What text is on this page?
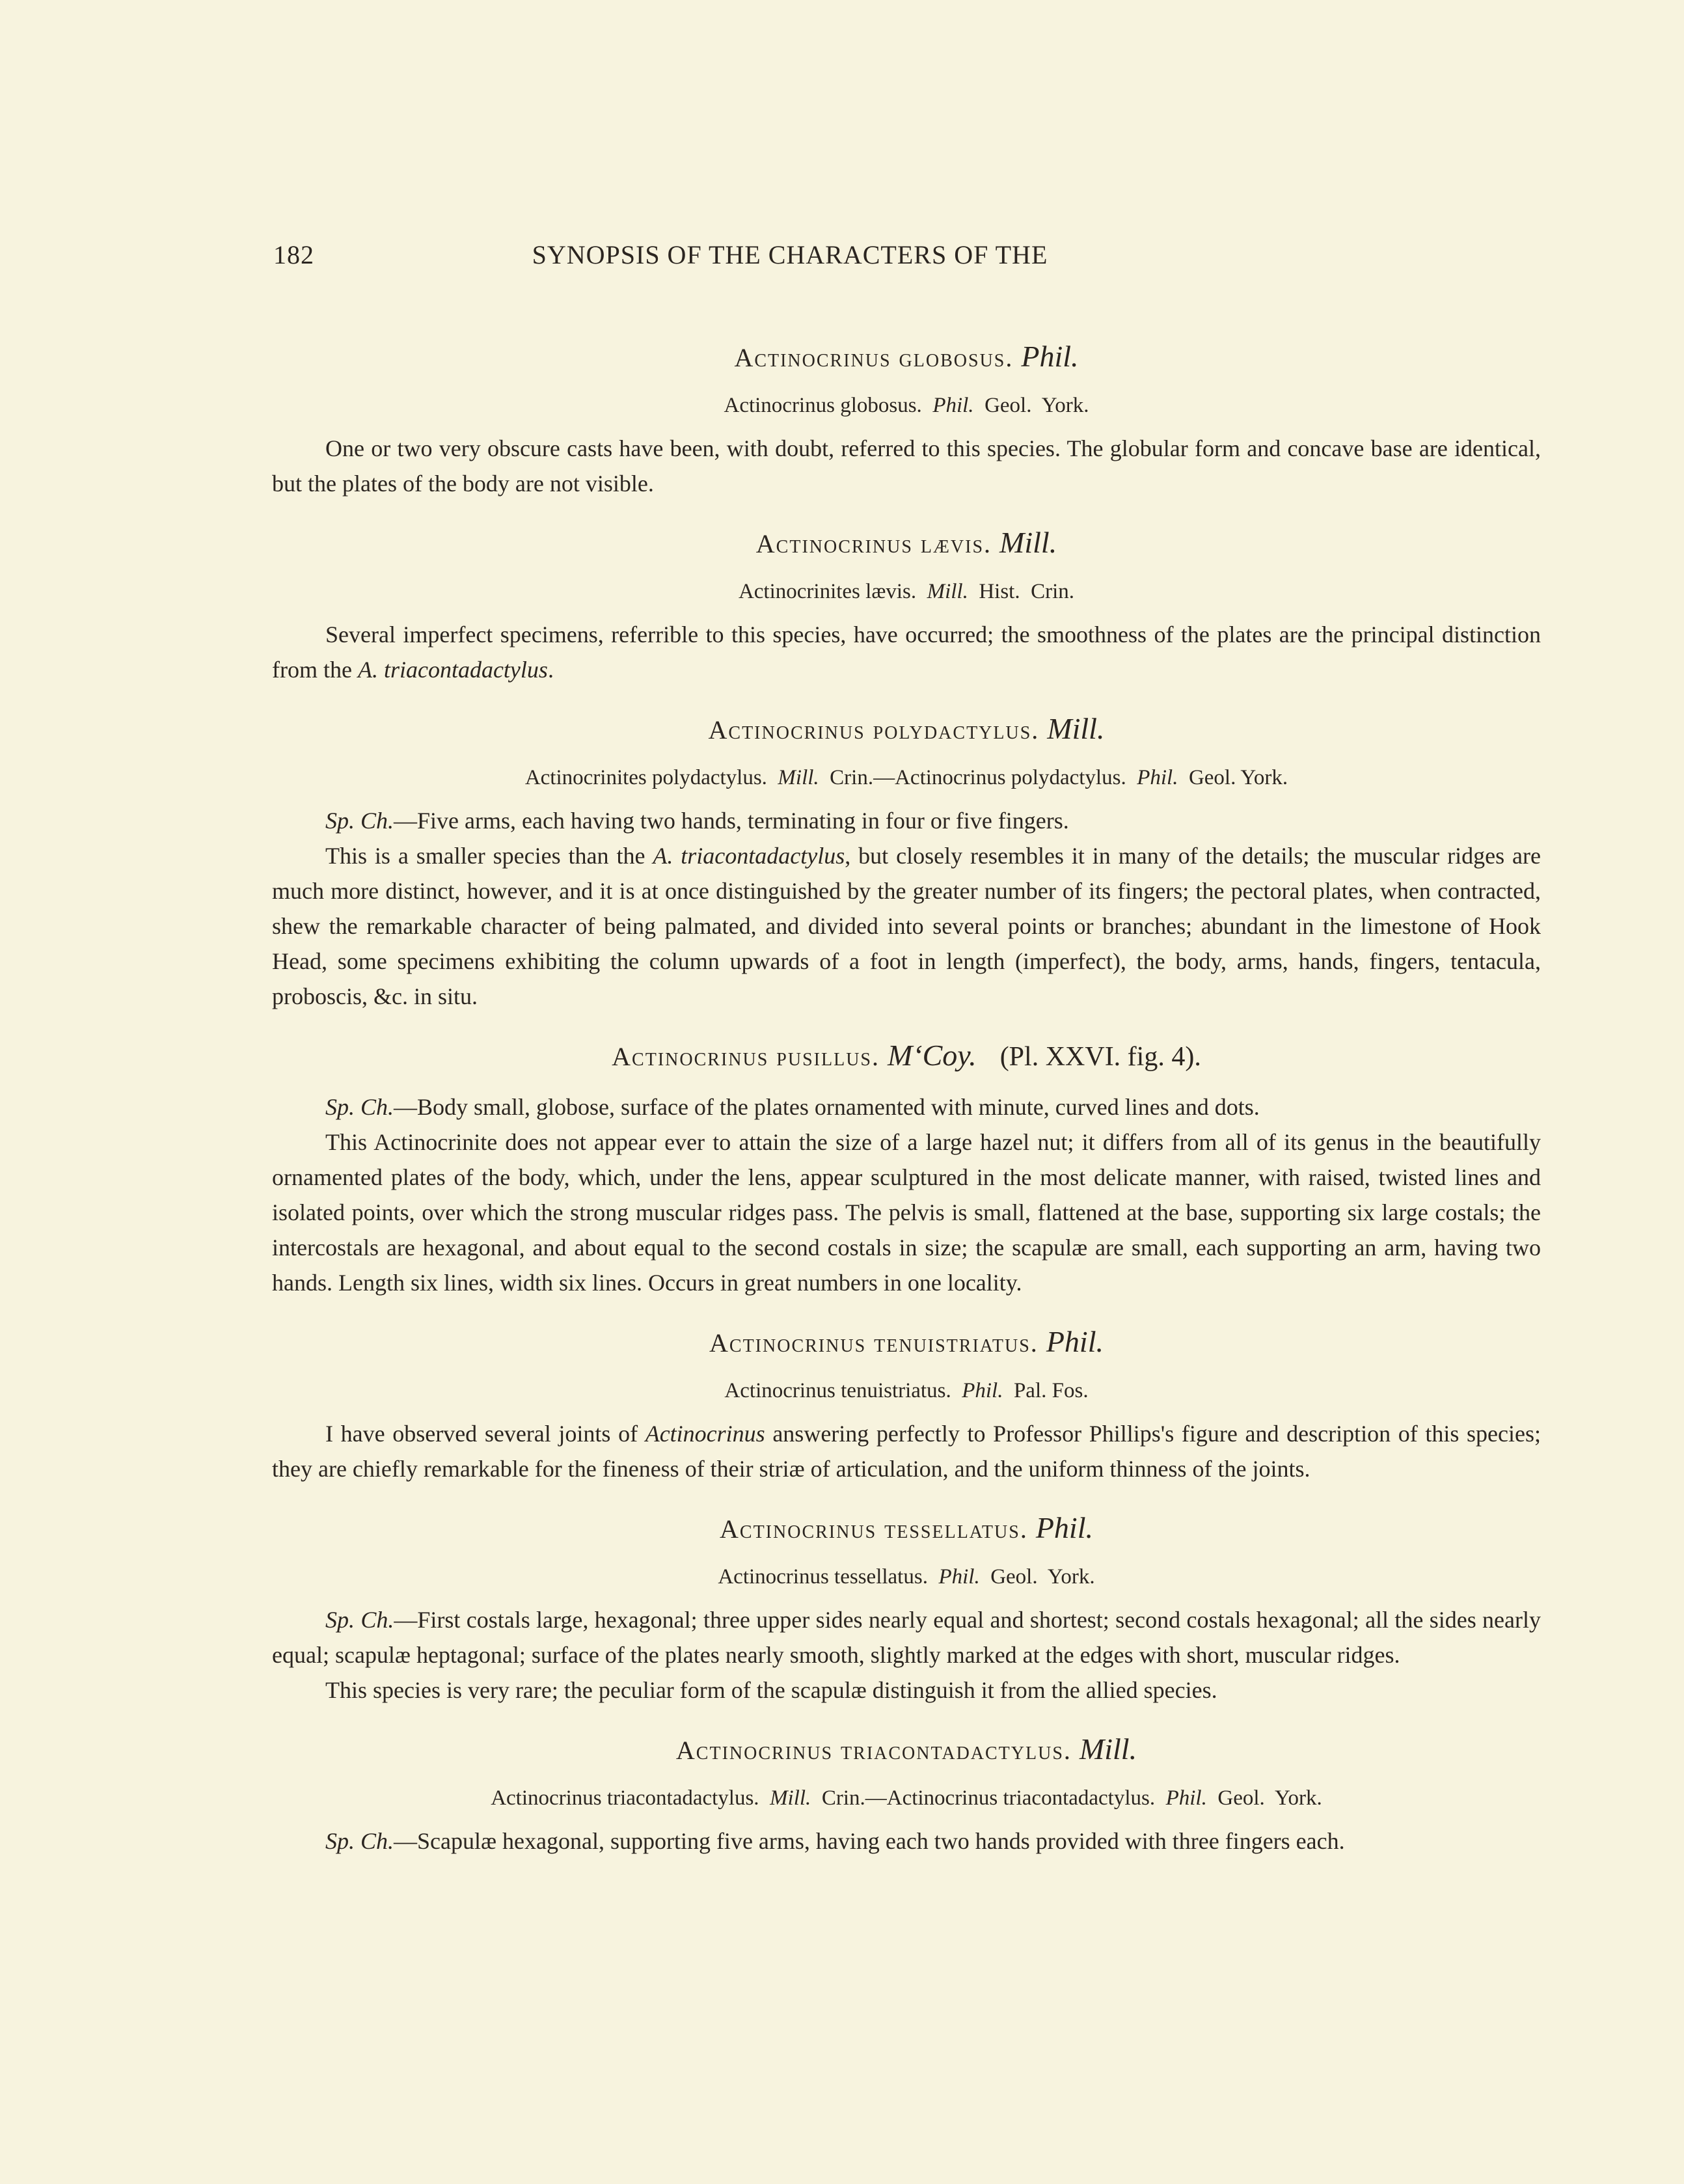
182	SYNOPSIS OF THE CHARACTERS OF THE
Actinocrinus globosus. Phil.
Actinocrinus globosus.  Phil.  Geol.  York.

One or two very obscure casts have been, with doubt, referred to this species. The globular form and concave base are identical, but the plates of the body are not visible.

Actinocrinus lævis. Mill.
Actinocrinites lævis.  Mill.  Hist.  Crin.

Several imperfect specimens, referrible to this species, have occurred; the smoothness of the plates are the principal distinction from the A. triacontadactylus.

Actinocrinus polydactylus. Mill.
Actinocrinites polydactylus.  Mill.  Crin.—Actinocrinus polydactylus.  Phil.  Geol. York.

Sp. Ch.—Five arms, each having two hands, terminating in four or five fingers.

This is a smaller species than the A. triacontadactylus, but closely resembles it in many of the details; the muscular ridges are much more distinct, however, and it is at once distinguished by the greater number of its fingers; the pectoral plates, when contracted, shew the remarkable character of being palmated, and divided into several points or branches; abundant in the limestone of Hook Head, some specimens exhibiting the column upwards of a foot in length (imperfect), the body, arms, hands, fingers, tentacula, proboscis, &c. in situ.

Actinocrinus pusillus. M‘Coy. (Pl. XXVI. fig. 4).

Sp. Ch.—Body small, globose, surface of the plates ornamented with minute, curved lines and dots.

This Actinocrinite does not appear ever to attain the size of a large hazel nut; it differs from all of its genus in the beautifully ornamented plates of the body, which, under the lens, appear sculptured in the most delicate manner, with raised, twisted lines and isolated points, over which the strong muscular ridges pass. The pelvis is small, flattened at the base, supporting six large costals; the intercostals are hexagonal, and about equal to the second costals in size; the scapulæ are small, each supporting an arm, having two hands. Length six lines, width six lines. Occurs in great numbers in one locality.

Actinocrinus tenuistriatus. Phil.
Actinocrinus tenuistriatus.  Phil.  Pal. Fos.

I have observed several joints of Actinocrinus answering perfectly to Professor Phillips's figure and description of this species; they are chiefly remarkable for the fineness of their striæ of articulation, and the uniform thinness of the joints.

Actinocrinus tessellatus. Phil.
Actinocrinus tessellatus.  Phil.  Geol.  York.

Sp. Ch.—First costals large, hexagonal; three upper sides nearly equal and shortest; second costals hexagonal; all the sides nearly equal; scapulæ heptagonal; surface of the plates nearly smooth, slightly marked at the edges with short, muscular ridges.

This species is very rare; the peculiar form of the scapulæ distinguish it from the allied species.

Actinocrinus triacontadactylus. Mill.
Actinocrinus triacontadactylus.  Mill.  Crin.—Actinocrinus triacontadactylus.  Phil.  Geol.  York.

Sp. Ch.—Scapulæ hexagonal, supporting five arms, having each two hands provided with three fingers each.
